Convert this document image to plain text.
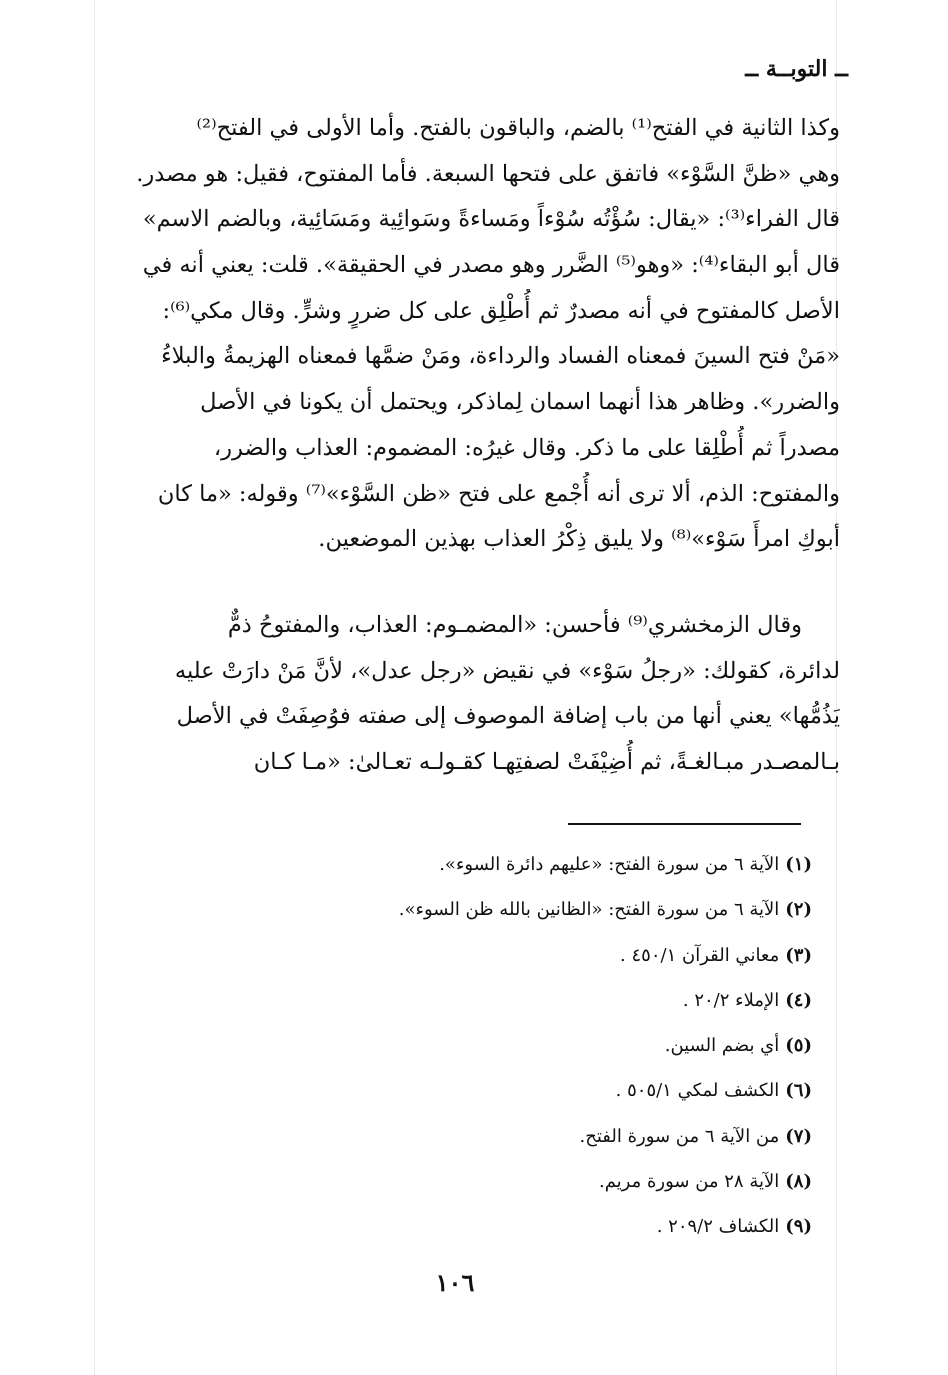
ــ التوبــة ــ
وكذا الثانية في الفتح⁽¹⁾ بالضم، والباقون بالفتح. وأما الأولى في الفتح⁽²⁾
وهي «ظنَّ السَّوْء» فاتفق على فتحها السبعة. فأما المفتوح، فقيل: هو مصدر.
قال الفراء⁽³⁾: «يقال: سُؤْتُه سُوْءاً ومَساءةً وسَوائِية ومَسَائِية، وبالضم الاسم»
قال أبو البقاء⁽⁴⁾: «وهو⁽⁵⁾ الضَّرر وهو مصدر في الحقيقة». قلت: يعني أنه في
الأصل كالمفتوح في أنه مصدرٌ ثم أُطْلِق على كل ضررٍ وشرٍّ. وقال مكي⁽⁶⁾:
«مَنْ فتح السينَ فمعناه الفساد والرداءة، ومَنْ ضمَّها فمعناه الهزيمةُ والبلاءُ
والضرر». وظاهر هذا أنهما اسمان لِماذكر، ويحتمل أن يكونا في الأصل
مصدراً ثم أُطْلِقا على ما ذكر. وقال غيرُه: المضموم: العذاب والضرر،
والمفتوح: الذم، ألا ترى أنه أُجْمع على فتح «ظن السَّوْء»⁽⁷⁾ وقوله: «ما كان
أبوكِ امرأَ سَوْء»⁽⁸⁾ ولا يليق ذِكْرُ العذاب بهذين الموضعين.
وقال الزمخشري⁽⁹⁾ فأحسن: «المضمـوم: العذاب، والمفتوحُ ذمٌّ
لدائرة، كقولك: «رجلُ سَوْء» في نقيض «رجل عدل»، لأنَّ مَنْ دارَتْ عليه
يَذُمُّها» يعني أنها من باب إضافة الموصوف إلى صفته فوُصِفَتْ في الأصل
بـالمصـدر مبـالغـةً، ثم أُضِيْفَتْ لصفتِهـا كقـولـه تعـالىٰ: «مـا كـان
(١)الآية ٦ من سورة الفتح: «عليهم دائرة السوء».
(٢)الآية ٦ من سورة الفتح: «الظانين بالله ظن السوء».
(٣)معاني القرآن ٤٥٠/١ .
(٤)الإملاء ٢٠/٢ .
(٥)أي بضم السين.
(٦)الكشف لمكي ٥٠٥/١ .
(٧)من الآية ٦ من سورة الفتح.
(٨)الآية ٢٨ من سورة مريم.
(٩)الكشاف ٢٠٩/٢ .
١٠٦
